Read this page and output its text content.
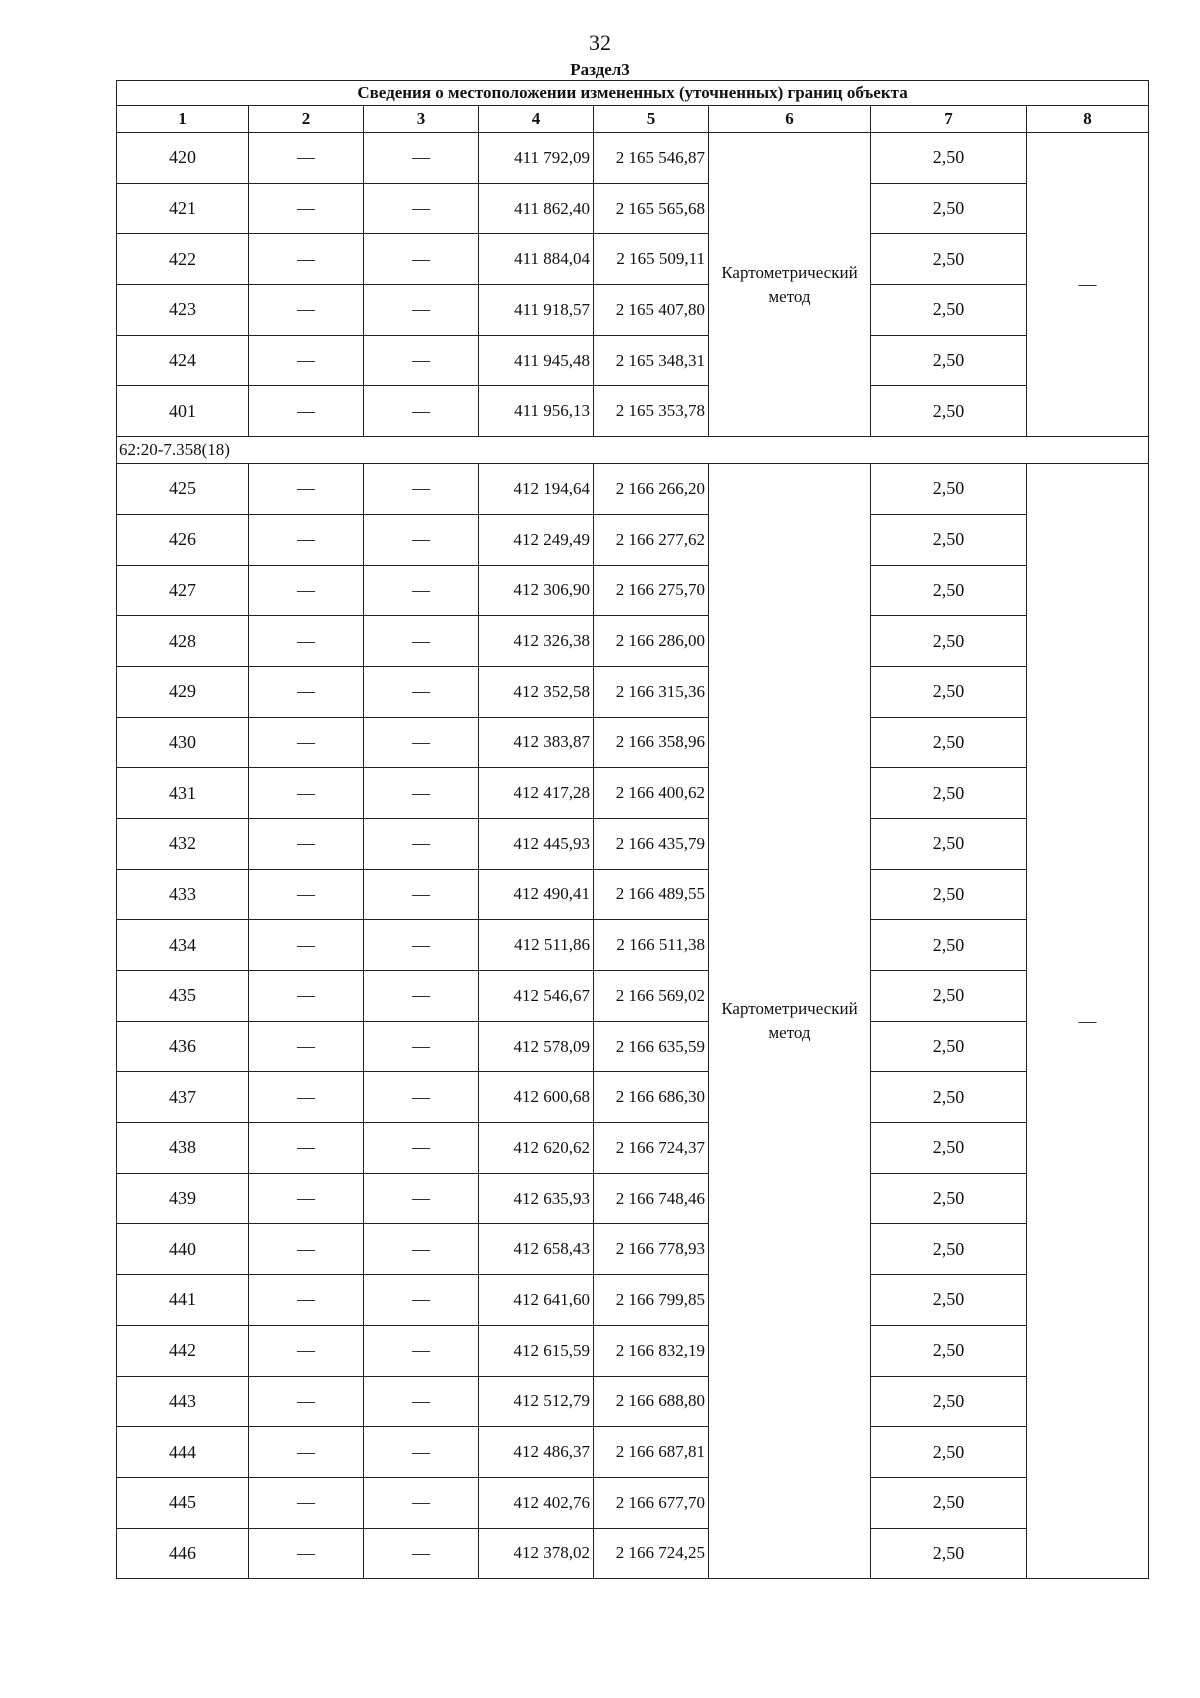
32
Раздел3
Сведения о местоположении измененных (уточненных) границ объекта							
1	2	3	4	5	6	7	8
420	—	—	411 792,09	2 165 546,87	Картометрический метод	2,50	—
421	—	—	411 862,40	2 165 565,68		2,50	
422	—	—	411 884,04	2 165 509,11		2,50	
423	—	—	411 918,57	2 165 407,80		2,50	
424	—	—	411 945,48	2 165 348,31		2,50	
401	—	—	411 956,13	2 165 353,78		2,50	
62:20-7.358(18)							
425	—	—	412 194,64	2 166 266,20	Картометрический метод	2,50	—
426	—	—	412 249,49	2 166 277,62		2,50	
427	—	—	412 306,90	2 166 275,70		2,50	
428	—	—	412 326,38	2 166 286,00		2,50	
429	—	—	412 352,58	2 166 315,36		2,50	
430	—	—	412 383,87	2 166 358,96		2,50	
431	—	—	412 417,28	2 166 400,62		2,50	
432	—	—	412 445,93	2 166 435,79		2,50	
433	—	—	412 490,41	2 166 489,55		2,50	
434	—	—	412 511,86	2 166 511,38		2,50	
435	—	—	412 546,67	2 166 569,02		2,50	
436	—	—	412 578,09	2 166 635,59		2,50	
437	—	—	412 600,68	2 166 686,30		2,50	
438	—	—	412 620,62	2 166 724,37		2,50	
439	—	—	412 635,93	2 166 748,46		2,50	
440	—	—	412 658,43	2 166 778,93		2,50	
441	—	—	412 641,60	2 166 799,85		2,50	
442	—	—	412 615,59	2 166 832,19		2,50	
443	—	—	412 512,79	2 166 688,80		2,50	
444	—	—	412 486,37	2 166 687,81		2,50	
445	—	—	412 402,76	2 166 677,70		2,50	
446	—	—	412 378,02	2 166 724,25		2,50	
